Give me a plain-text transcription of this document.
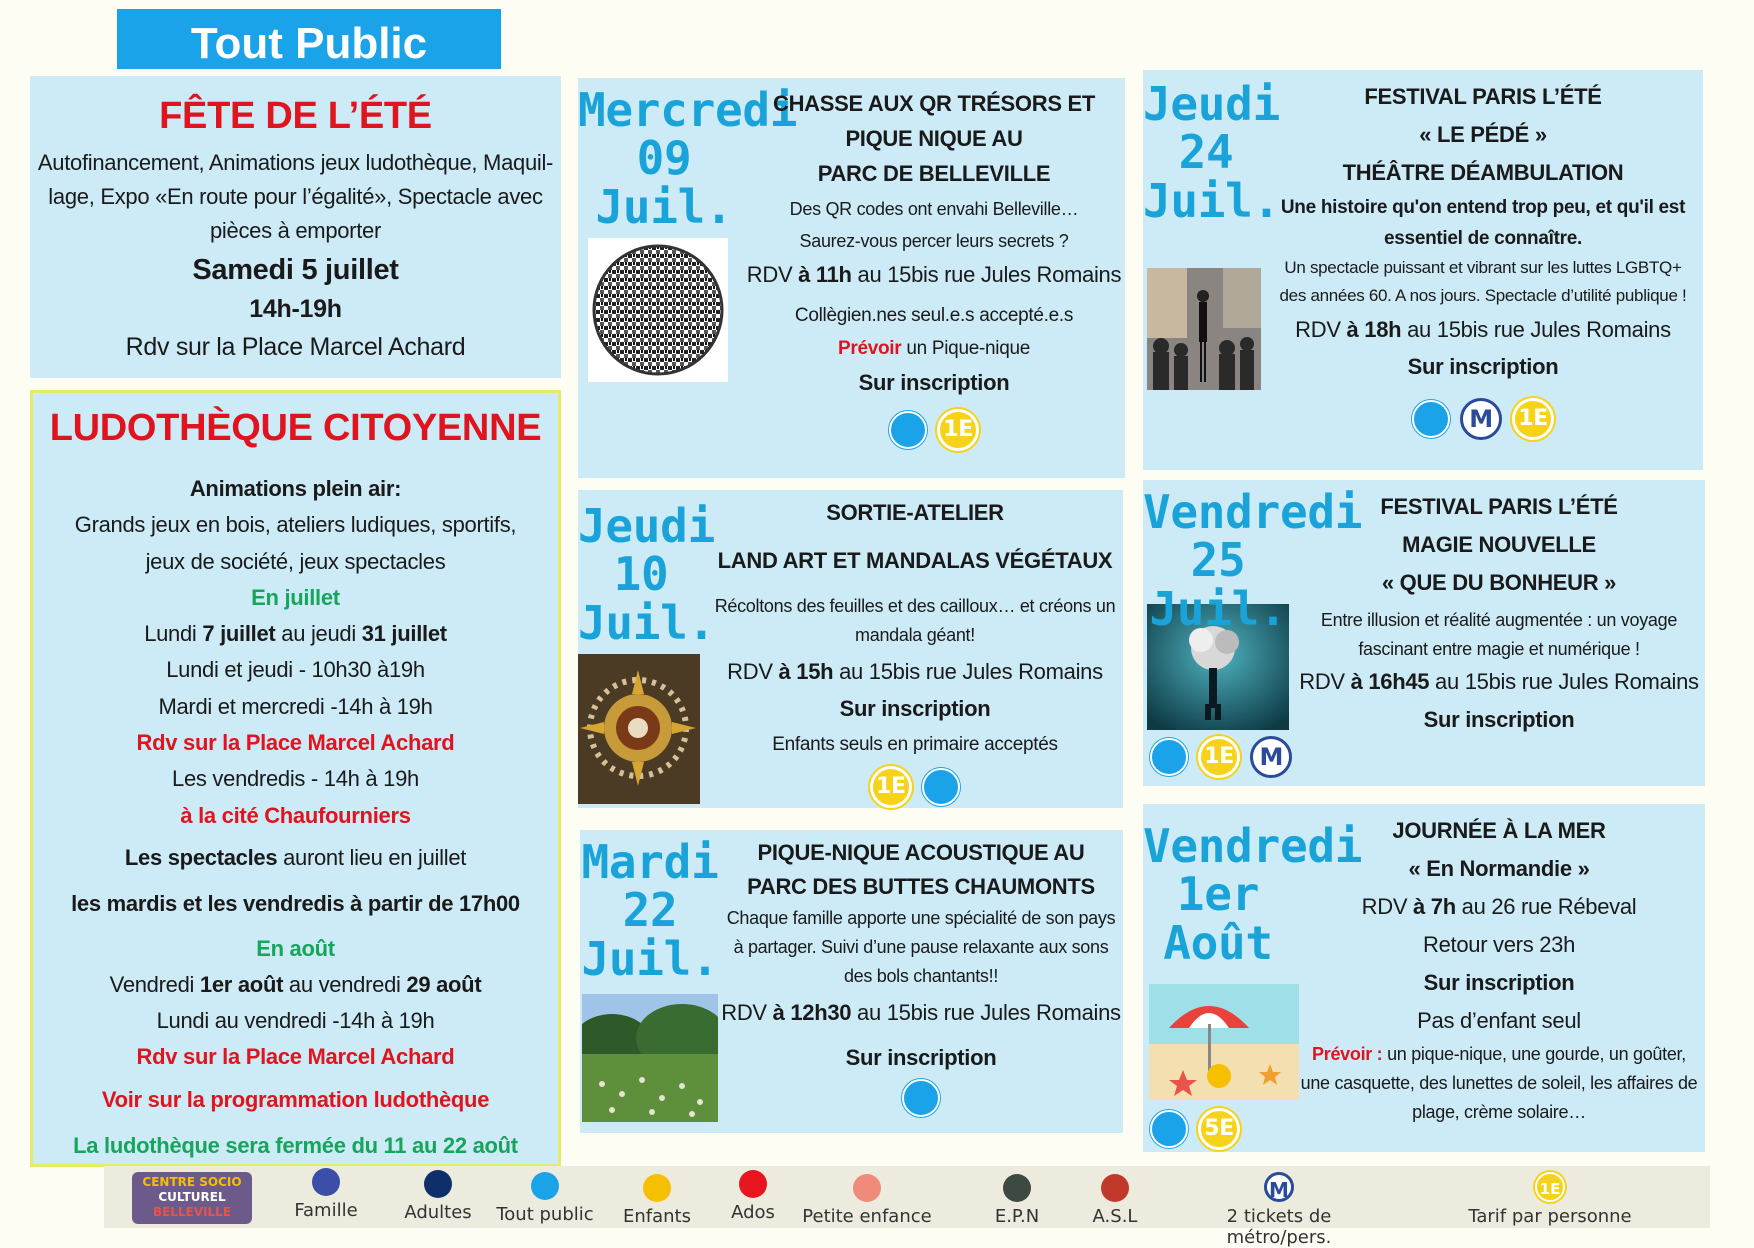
Tout Public
FÊTE DE L’ÉTÉ
Autofinancement, Animations jeux ludothèque, Maquil-
lage, Expo «En route pour l’égalité», Spectacle avec
pièces à emporter
Samedi 5 juillet
14h-19h
Rdv sur la Place Marcel Achard
LUDOTHÈQUE CITOYENNE
Animations plein air:
Grands jeux en bois, ateliers ludiques, sportifs,
jeux de société, jeux spectacles
En juillet
Lundi 7 juillet au jeudi 31 juillet
Lundi et jeudi - 10h30 à19h
Mardi et mercredi -14h à 19h
Rdv sur la Place Marcel Achard
Les vendredis - 14h à 19h
à la cité Chaufourniers
Les spectacles auront lieu en juillet
les mardis et les vendredis à partir de 17h00
En août
Vendredi 1er août au vendredi 29 août
Lundi au vendredi -14h à 19h
Rdv sur la Place Marcel Achard
Voir sur la programmation ludothèque
La ludothèque sera fermée du 11 au 22 août
Mercredi
09
Juil.
CHASSE AUX QR TRÉSORS ET
PIQUE NIQUE AU
PARC DE BELLEVILLE
Des QR codes ont envahi Belleville…
Saurez-vous percer leurs secrets ?
RDV à 11h au 15bis rue Jules Romains
Collègien.nes seul.e.s accepté.e.s
Prévoir un Pique-nique
Sur inscription
1E
Jeudi
10
Juil.
SORTIE-ATELIER
LAND ART ET MANDALAS VÉGÉTAUX
Récoltons des feuilles et des cailloux… et créons un
mandala géant!
RDV à 15h au 15bis rue Jules Romains
Sur inscription
Enfants seuls en primaire acceptés
1E
Mardi
22
Juil.
PIQUE-NIQUE ACOUSTIQUE AU
PARC DES BUTTES CHAUMONTS
Chaque famille apporte une spécialité de son pays
à partager. Suivi d’une pause relaxante aux sons
des bols chantants!!
RDV à 12h30 au 15bis rue Jules Romains
Sur inscription
Jeudi
24
Juil.
FESTIVAL PARIS L’ÉTÉ
« LE PÉDÉ »
THÉÂTRE DÉAMBULATION
Une histoire qu'on entend trop peu, et qu'il est
essentiel de connaître.
Un spectacle puissant et vibrant sur les luttes LGBTQ+
des années 60. A nos jours. Spectacle d’utilité publique !
RDV à 18h au 15bis rue Jules Romains
Sur inscription
M 1E
Vendredi
25
Juil.
FESTIVAL PARIS L’ÉTÉ
MAGIE NOUVELLE
« QUE DU BONHEUR »
Entre illusion et réalité augmentée : un voyage
fascinant entre magie et numérique !
RDV à 16h45 au 15bis rue Jules Romains
Sur inscription
1E M
Vendredi
1er
Août
JOURNÉE À LA MER
« En Normandie »
RDV à 7h au 26 rue Rébeval
Retour vers 23h
Sur inscription
Pas d’enfant seul
Prévoir : un pique-nique, une gourde, un goûter,
une casquette, des lunettes de soleil, les affaires de
plage, crème solaire…
5E
CENTRE SOCIO
CULTUREL
BELLEVILLE	Famille	Adultes	Tout public	Enfants	Ados	Petite enfance	E.P.N	A.S.L
M
2 tickets de métro/pers.
1E
Tarif par personne
